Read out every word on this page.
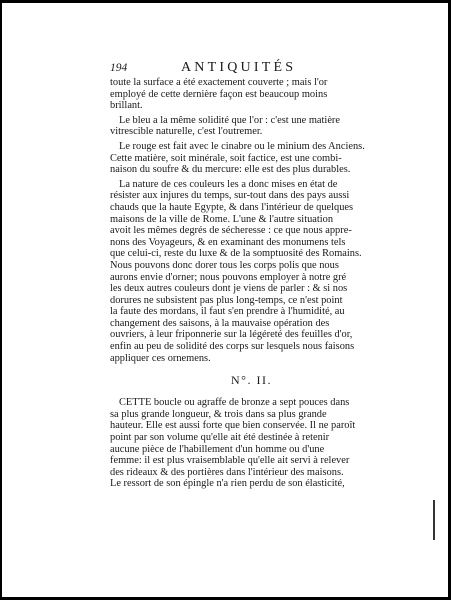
194	ANTIQUITÉS

toute la surface a été exactement couverte ; mais l'or
employé de cette dernière façon est beaucoup moins
brillant.

Le bleu a la même solidité que l'or : c'est une matière
vitrescible naturelle, c'est l'outremer.

Le rouge est fait avec le cinabre ou le minium des Anciens.
Cette matière, soit minérale, soit factice, est une combi-
naison du soufre & du mercure: elle est des plus durables.

La nature de ces couleurs les a donc mises en état de
résister aux injures du temps, sur-tout dans des pays aussi
chauds que la haute Egypte, & dans l'intérieur de quelques
maisons de la ville de Rome. L'une & l'autre situation
avoit les mêmes degrés de sécheresse : ce que nous appre-
nons des Voyageurs, & en examinant des monumens tels
que celui-ci, reste du luxe & de la somptuosité des Romains.
Nous pouvons donc dorer tous les corps polis que nous
aurons envie d'orner; nous pouvons employer à notre gré
les deux autres couleurs dont je viens de parler : & si nos
dorures ne subsistent pas plus long-temps, ce n'est point
la faute des mordans, il faut s'en prendre à l'humidité, au
changement des saisons, à la mauvaise opération des
ouvriers, à leur friponnerie sur la légéreté des feuilles d'or,
enfin au peu de solidité des corps sur lesquels nous faisons
appliquer ces ornemens.

N°. II.

CETTE boucle ou agraffe de bronze a sept pouces dans
sa plus grande longueur, & trois dans sa plus grande
hauteur. Elle est aussi forte que bien conservée. Il ne paroît
point par son volume qu'elle ait été destinée à retenir
aucune pièce de l'habillement d'un homme ou d'une
femme: il est plus vraisemblable qu'elle ait servi à relever
des rideaux & des portières dans l'intérieur des maisons.
Le ressort de son épingle n'a rien perdu de son élasticité,
